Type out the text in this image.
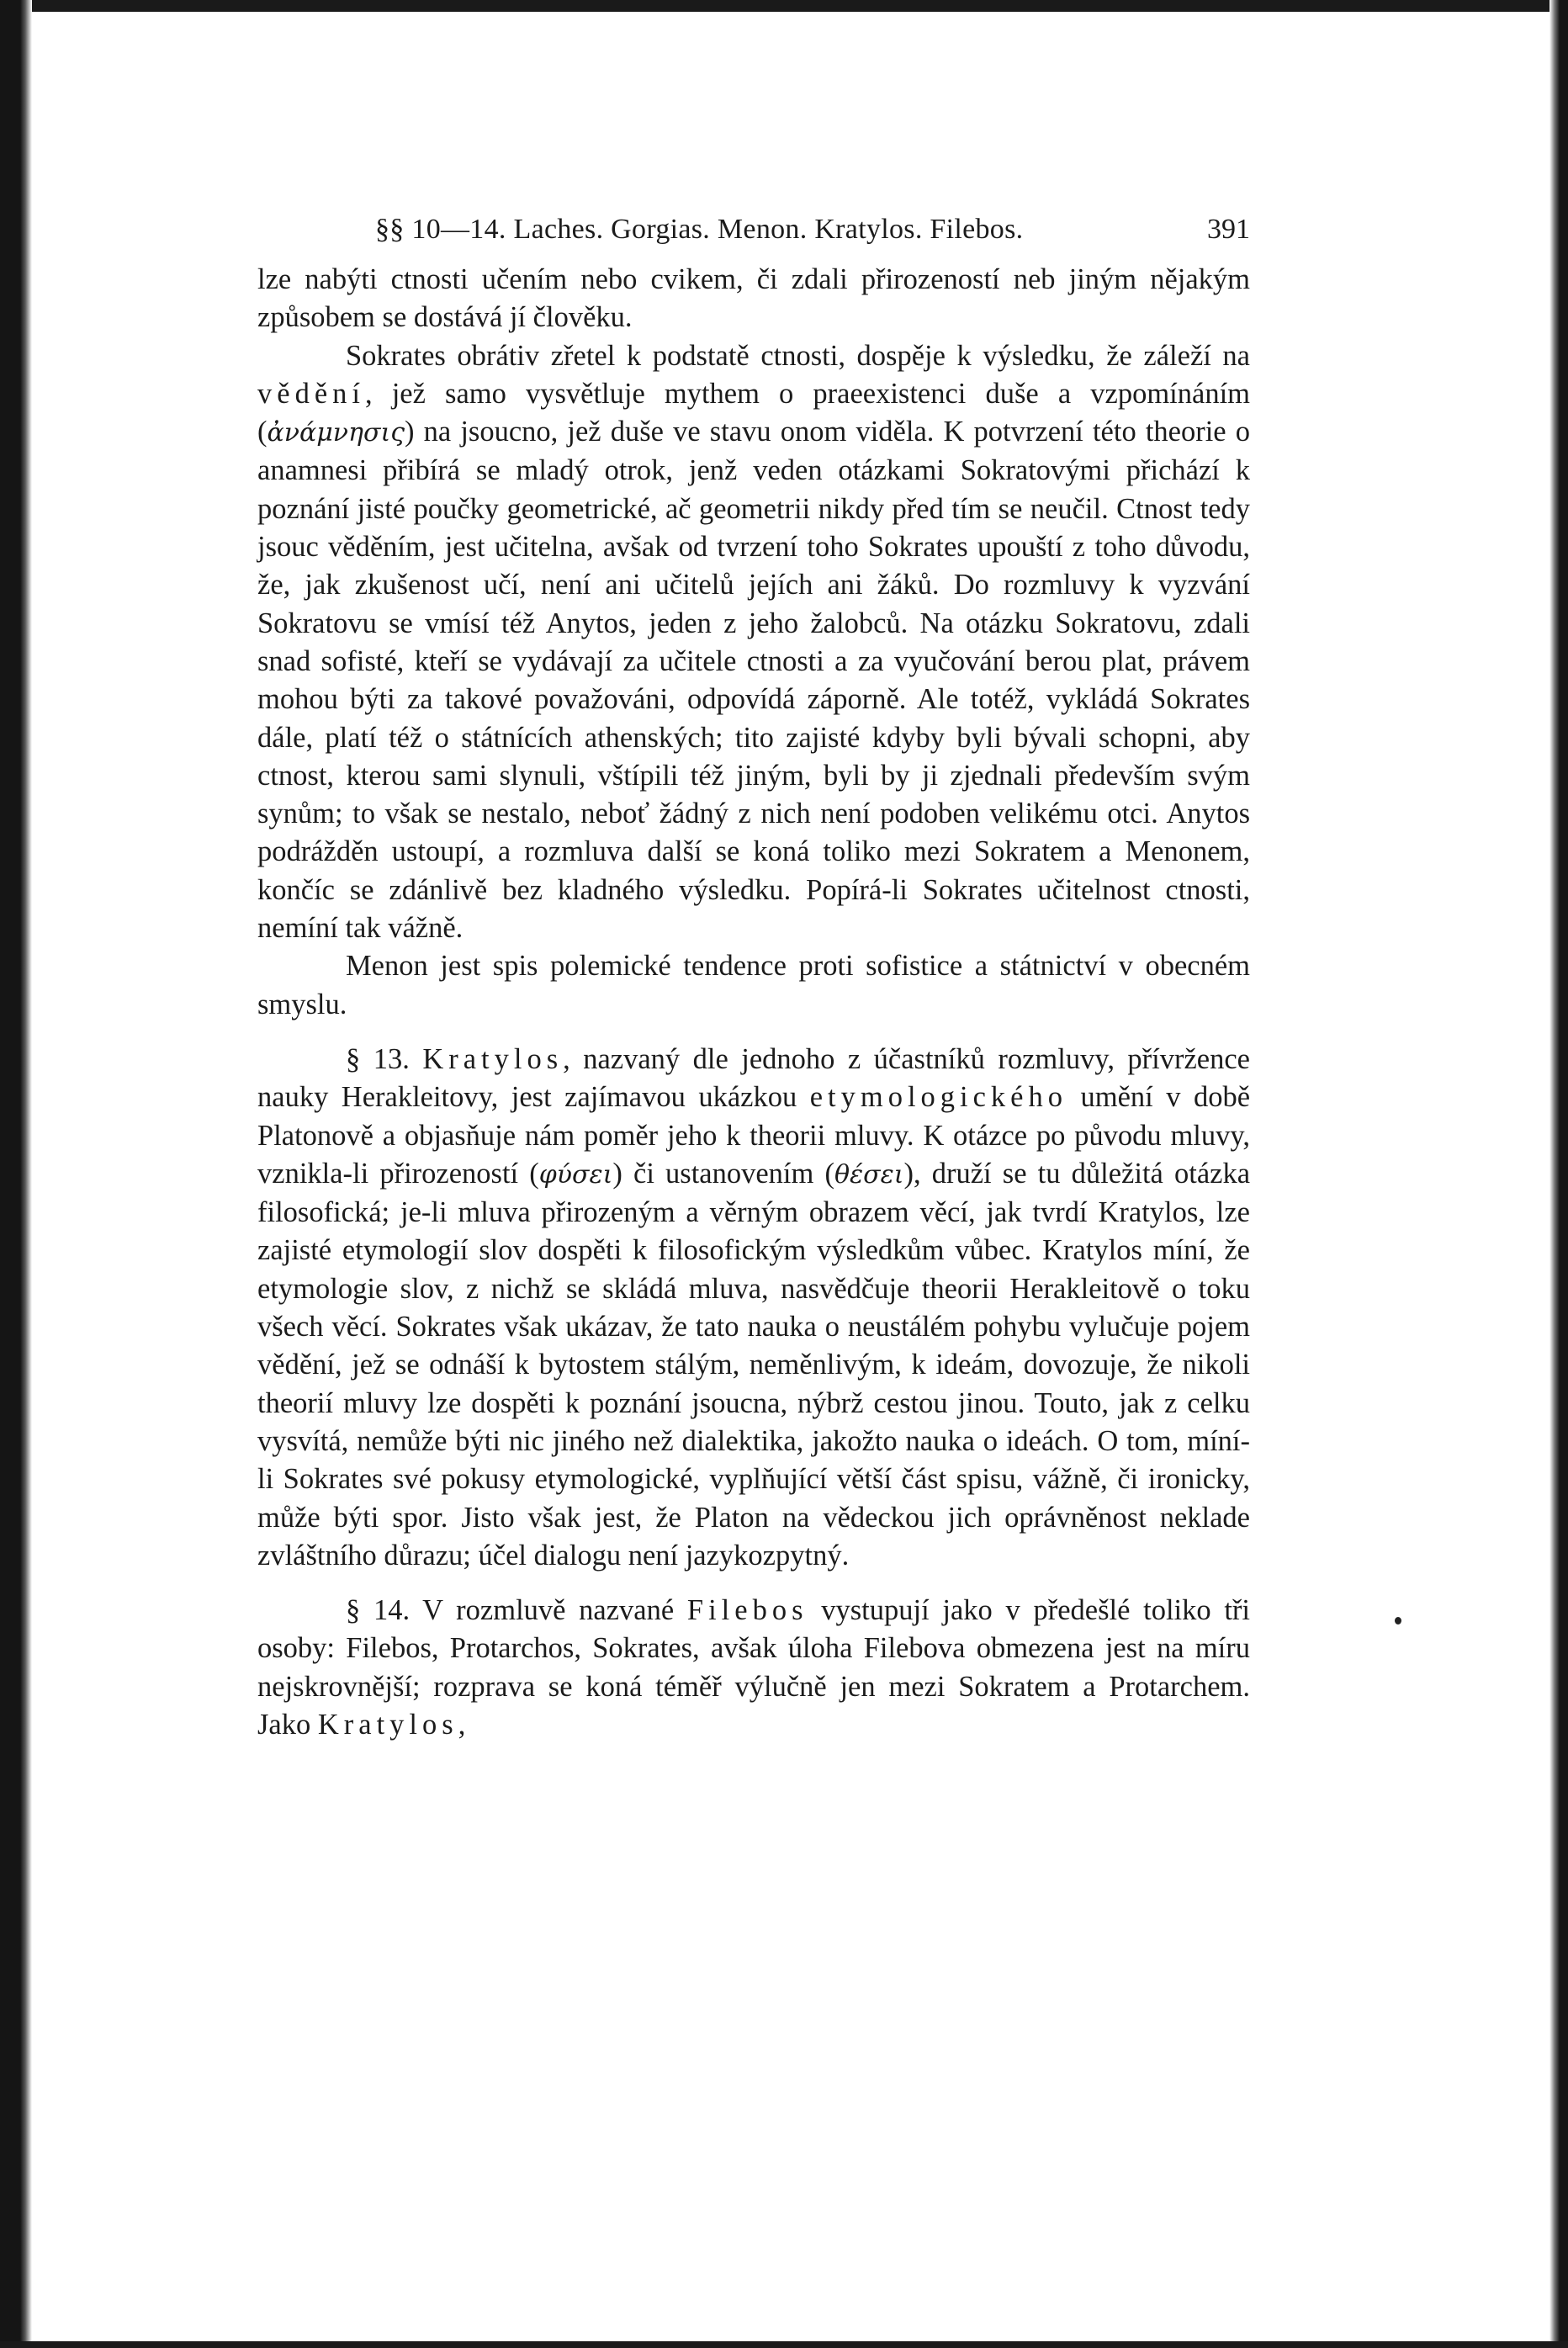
§§ 10—14. Laches. Gorgias. Menon. Kratylos. Filebos.	391

lze nabýti ctnosti učením nebo cvikem, či zdali přirozeností neb jiným nějakým způsobem se dostává jí člověku.

Sokrates obrátiv zřetel k podstatě ctnosti, dospěje k výsledku, že záleží na vědění, jež samo vysvětluje mythem o praeexistenci duše a vzpomínáním (ἀνάμνησις) na jsoucno, jež duše ve stavu onom viděla. K potvrzení této theorie o anamnesi přibírá se mladý otrok, jenž veden otázkami Sokratovými přichází k poznání jisté poučky geometrické, ač geometrii nikdy před tím se neučil. Ctnost tedy jsouc věděním, jest učitelna, avšak od tvrzení toho Sokrates upouští z toho důvodu, že, jak zkušenost učí, není ani učitelů jejích ani žáků. Do rozmluvy k vyzvání Sokratovu se vmísí též Anytos, jeden z jeho žalobců. Na otázku Sokratovu, zdali snad sofisté, kteří se vydávají za učitele ctnosti a za vyučování berou plat, právem mohou býti za takové považováni, odpovídá záporně. Ale totéž, vykládá Sokrates dále, platí též o státnících athenských; tito zajisté kdyby byli bývali schopni, aby ctnost, kterou sami slynuli, vštípili též jiným, byli by ji zjednali především svým synům; to však se nestalo, neboť žádný z nich není podoben velikému otci. Anytos podrážděn ustoupí, a rozmluva další se koná toliko mezi Sokratem a Menonem, končíc se zdánlivě bez kladného výsledku. Popírá-li Sokrates učitelnost ctnosti, nemíní tak vážně.

Menon jest spis polemické tendence proti sofistice a státnictví v obecném smyslu.

§ 13. Kratylos, nazvaný dle jednoho z účastníků rozmluvy, přívržence nauky Herakleitovy, jest zajímavou ukázkou etymologického umění v době Platonově a objasňuje nám poměr jeho k theorii mluvy. K otázce po původu mluvy, vznikla-li přirozeností (φύσει) či ustanovením (θέσει), druží se tu důležitá otázka filosofická; je-li mluva přirozeným a věrným obrazem věcí, jak tvrdí Kratylos, lze zajisté etymologií slov dospěti k filosofickým výsledkům vůbec. Kratylos míní, že etymologie slov, z nichž se skládá mluva, nasvědčuje theorii Herakleitově o toku všech věcí. Sokrates však ukázav, že tato nauka o neustálém pohybu vylučuje pojem vědění, jež se odnáší k bytostem stálým, neměnlivým, k ideám, dovozuje, že nikoli theorií mluvy lze dospěti k poznání jsoucna, nýbrž cestou jinou. Touto, jak z celku vysvítá, nemůže býti nic jiného než dialektika, jakožto nauka o ideách. O tom, míní-li Sokrates své pokusy etymologické, vyplňující větší část spisu, vážně, či ironicky, může býti spor. Jisto však jest, že Platon na vědeckou jich oprávněnost neklade zvláštního důrazu; účel dialogu není jazykozpytný.

§ 14. V rozmluvě nazvané Filebos vystupují jako v předešlé toliko tři osoby: Filebos, Protarchos, Sokrates, avšak úloha Filebova obmezena jest na míru nejskrovnější; rozprava se koná téměř výlučně jen mezi Sokratem a Protarchem. Jako Kratylos,
